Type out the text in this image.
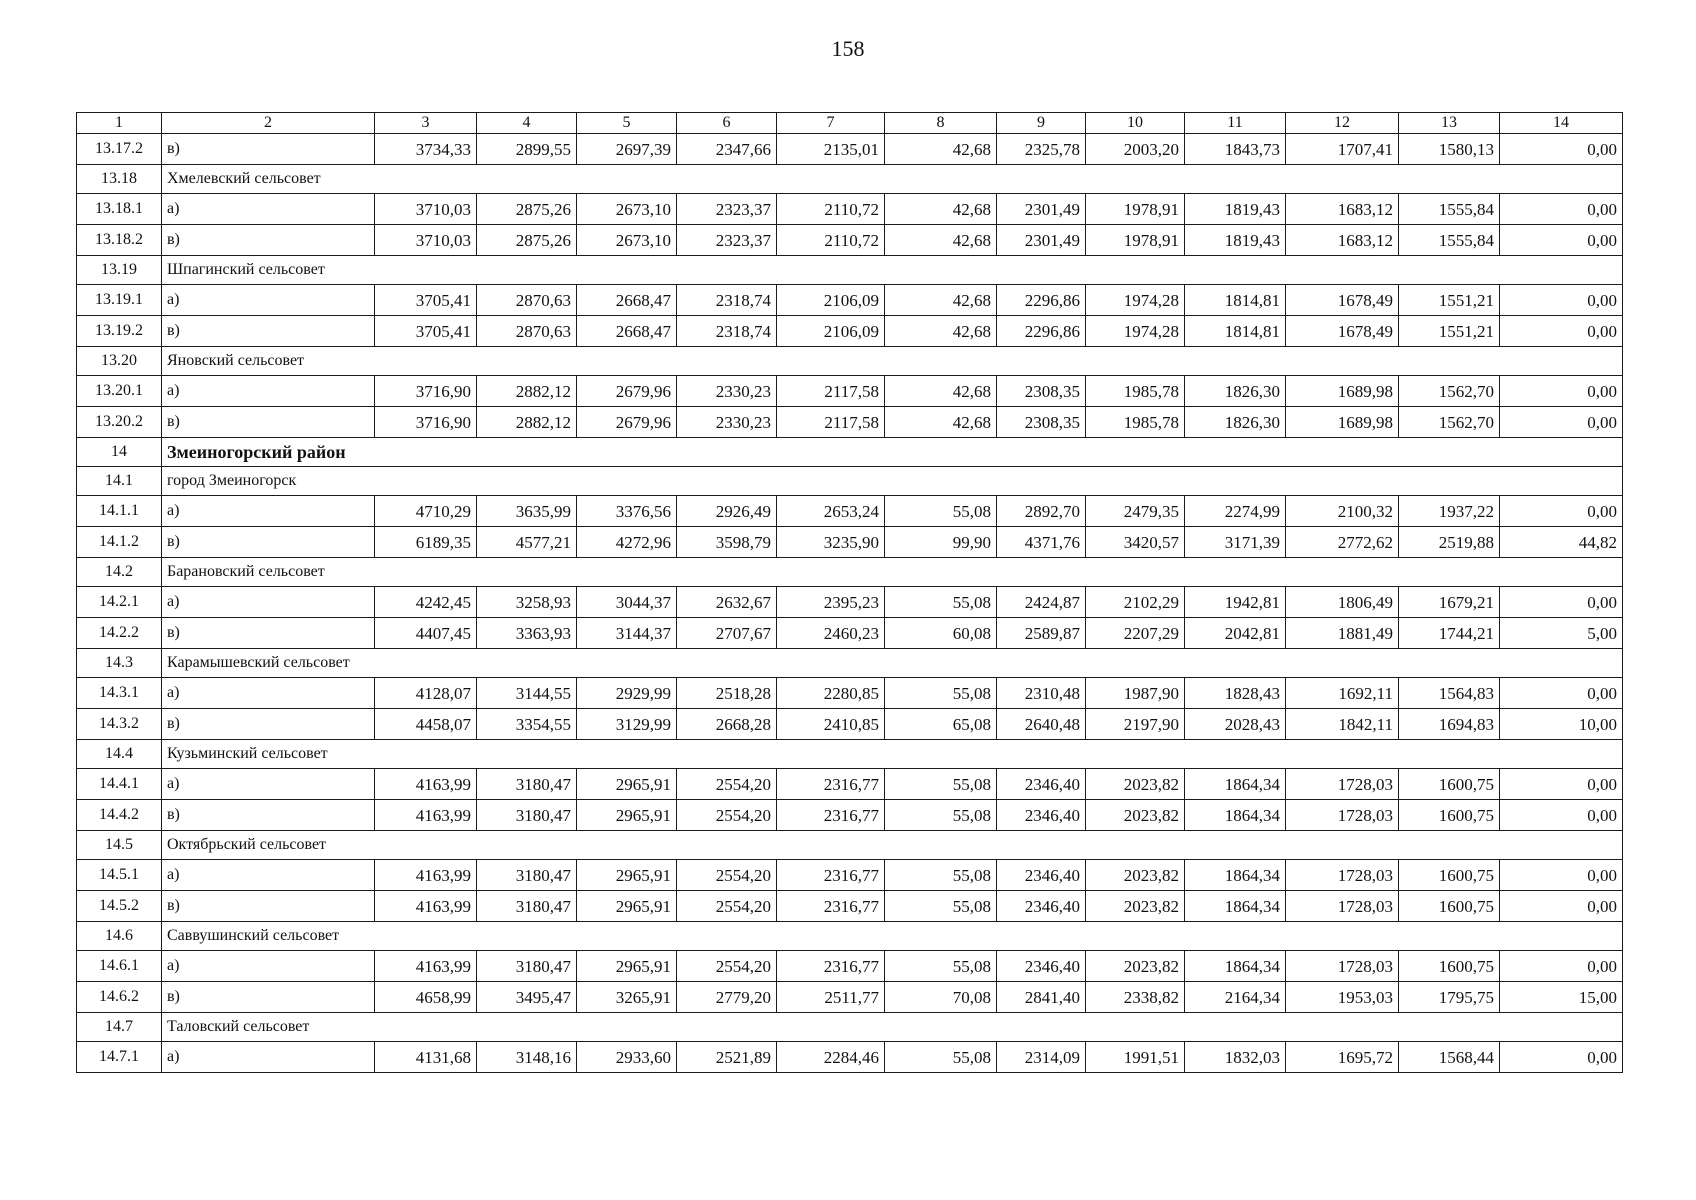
158
1	2	3	4	5	6	7	8	9	10	11	12	13	14
13.17.2	в)	3734,33	2899,55	2697,39	2347,66	2135,01	42,68	2325,78	2003,20	1843,73	1707,41	1580,13	0,00
13.18	Хмелевский сельсовет												
13.18.1	а)	3710,03	2875,26	2673,10	2323,37	2110,72	42,68	2301,49	1978,91	1819,43	1683,12	1555,84	0,00
13.18.2	в)	3710,03	2875,26	2673,10	2323,37	2110,72	42,68	2301,49	1978,91	1819,43	1683,12	1555,84	0,00
13.19	Шпагинский сельсовет												
13.19.1	а)	3705,41	2870,63	2668,47	2318,74	2106,09	42,68	2296,86	1974,28	1814,81	1678,49	1551,21	0,00
13.19.2	в)	3705,41	2870,63	2668,47	2318,74	2106,09	42,68	2296,86	1974,28	1814,81	1678,49	1551,21	0,00
13.20	Яновский сельсовет												
13.20.1	а)	3716,90	2882,12	2679,96	2330,23	2117,58	42,68	2308,35	1985,78	1826,30	1689,98	1562,70	0,00
13.20.2	в)	3716,90	2882,12	2679,96	2330,23	2117,58	42,68	2308,35	1985,78	1826,30	1689,98	1562,70	0,00
14	Змеиногорский район												
14.1	город Змеиногорск												
14.1.1	а)	4710,29	3635,99	3376,56	2926,49	2653,24	55,08	2892,70	2479,35	2274,99	2100,32	1937,22	0,00
14.1.2	в)	6189,35	4577,21	4272,96	3598,79	3235,90	99,90	4371,76	3420,57	3171,39	2772,62	2519,88	44,82
14.2	Барановский сельсовет												
14.2.1	а)	4242,45	3258,93	3044,37	2632,67	2395,23	55,08	2424,87	2102,29	1942,81	1806,49	1679,21	0,00
14.2.2	в)	4407,45	3363,93	3144,37	2707,67	2460,23	60,08	2589,87	2207,29	2042,81	1881,49	1744,21	5,00
14.3	Карамышевский сельсовет												
14.3.1	а)	4128,07	3144,55	2929,99	2518,28	2280,85	55,08	2310,48	1987,90	1828,43	1692,11	1564,83	0,00
14.3.2	в)	4458,07	3354,55	3129,99	2668,28	2410,85	65,08	2640,48	2197,90	2028,43	1842,11	1694,83	10,00
14.4	Кузьминский сельсовет												
14.4.1	а)	4163,99	3180,47	2965,91	2554,20	2316,77	55,08	2346,40	2023,82	1864,34	1728,03	1600,75	0,00
14.4.2	в)	4163,99	3180,47	2965,91	2554,20	2316,77	55,08	2346,40	2023,82	1864,34	1728,03	1600,75	0,00
14.5	Октябрьский сельсовет												
14.5.1	а)	4163,99	3180,47	2965,91	2554,20	2316,77	55,08	2346,40	2023,82	1864,34	1728,03	1600,75	0,00
14.5.2	в)	4163,99	3180,47	2965,91	2554,20	2316,77	55,08	2346,40	2023,82	1864,34	1728,03	1600,75	0,00
14.6	Саввушинский сельсовет												
14.6.1	а)	4163,99	3180,47	2965,91	2554,20	2316,77	55,08	2346,40	2023,82	1864,34	1728,03	1600,75	0,00
14.6.2	в)	4658,99	3495,47	3265,91	2779,20	2511,77	70,08	2841,40	2338,82	2164,34	1953,03	1795,75	15,00
14.7	Таловский сельсовет												
14.7.1	а)	4131,68	3148,16	2933,60	2521,89	2284,46	55,08	2314,09	1991,51	1832,03	1695,72	1568,44	0,00
